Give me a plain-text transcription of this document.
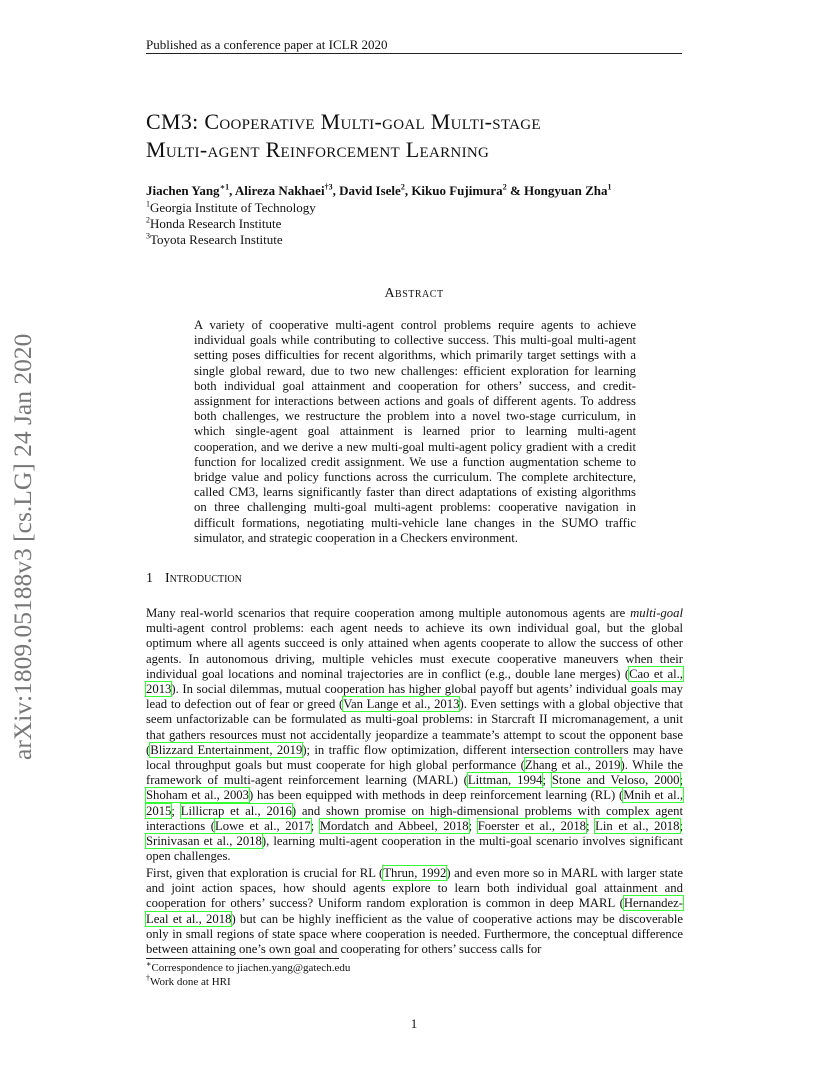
Published as a conference paper at ICLR 2020
arXiv:1809.05188v3 [cs.LG] 24 Jan 2020
CM3: Cooperative Multi-goal Multi-stage
Multi-agent Reinforcement Learning
Jiachen Yang$^{∗1}$, Alireza Nakhaei$^{\dagger 3}$, David Isele$^2$, Kikuo Fujimura$^2$ & Hongyuan Zha$^1$
$^1$Georgia Institute of Technology
$^2$Honda Research Institute
$^3$Toyota Research Institute
Abstract
A variety of cooperative multi-agent control problems require agents to achieve individual goals while contributing to collective success. This multi-goal multi-agent setting poses difficulties for recent algorithms, which primarily target settings with a single global reward, due to two new challenges: efficient exploration for learning both individual goal attainment and cooperation for others’ success, and credit-assignment for interactions between actions and goals of different agents. To address both challenges, we restructure the problem into a novel two-stage curriculum, in which single-agent goal attainment is learned prior to learning multi-agent cooperation, and we derive a new multi-goal multi-agent policy gradient with a credit function for localized credit assignment. We use a function augmentation scheme to bridge value and policy functions across the curriculum. The complete architecture, called CM3, learns significantly faster than direct adaptations of existing algorithms on three challenging multi-goal multi-agent problems: cooperative navigation in difficult formations, negotiating multi-vehicle lane changes in the SUMO traffic simulator, and strategic cooperation in a Checkers environment.
1 Introduction
Many real-world scenarios that require cooperation among multiple autonomous agents are multi-goal multi-agent control problems: each agent needs to achieve its own individual goal, but the global optimum where all agents succeed is only attained when agents cooperate to allow the success of other agents. In autonomous driving, multiple vehicles must execute cooperative maneuvers when their individual goal locations and nominal trajectories are in conflict (e.g., double lane merges) (Cao et al., 2013). In social dilemmas, mutual cooperation has higher global payoff but agents’ individual goals may lead to defection out of fear or greed (Van Lange et al., 2013). Even settings with a global objective that seem unfactorizable can be formulated as multi-goal problems: in Starcraft II micromanagement, a unit that gathers resources must not accidentally jeopardize a teammate’s attempt to scout the opponent base (Blizzard Entertainment, 2019); in traffic flow optimization, different intersection controllers may have local throughput goals but must cooperate for high global performance (Zhang et al., 2019). While the framework of multi-agent reinforcement learning (MARL) (Littman, 1994; Stone and Veloso, 2000; Shoham et al., 2003) has been equipped with methods in deep reinforcement learning (RL) (Mnih et al., 2015; Lillicrap et al., 2016) and shown promise on high-dimensional problems with complex agent interactions (Lowe et al., 2017; Mordatch and Abbeel, 2018; Foerster et al., 2018; Lin et al., 2018; Srinivasan et al., 2018), learning multi-agent cooperation in the multi-goal scenario involves significant open challenges.
First, given that exploration is crucial for RL (Thrun, 1992) and even more so in MARL with larger state and joint action spaces, how should agents explore to learn both individual goal attainment and cooperation for others’ success? Uniform random exploration is common in deep MARL (Hernandez-Leal et al., 2018) but can be highly inefficient as the value of cooperative actions may be discoverable only in small regions of state space where cooperation is needed. Furthermore, the conceptual difference between attaining one’s own goal and cooperating for others’ success calls for
∗Correspondence to jiachen.yang@gatech.edu
†Work done at HRI
1
